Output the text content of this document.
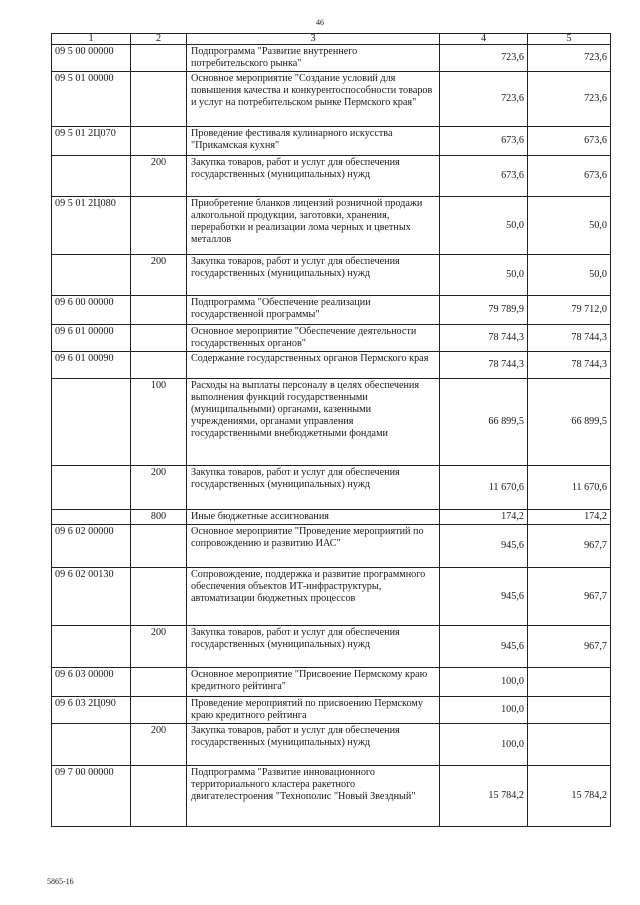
46
1	2	3	4	5
09 5 00 00000		Подпрограмма "Развитие внутреннего потребительского рынка"	723,6	723,6
09 5 01 00000		Основное мероприятие "Создание условий для повышения качества и конкурентоспособности товаров и услуг на потребительском рынке Пермского края"	723,6	723,6
09 5 01 2Ц070		Проведение фестиваля кулинарного искусства "Прикамская кухня"	673,6	673,6
	200	Закупка товаров, работ и услуг для обеспечения государственных (муниципальных) нужд	673,6	673,6
09 5 01 2Ц080		Приобретение бланков лицензий розничной продажи алкогольной продукции, заготовки, хранения, переработки и реализации лома черных и цветных металлов	50,0	50,0
	200	Закупка товаров, работ и услуг для обеспечения государственных (муниципальных) нужд	50,0	50,0
09 6 00 00000		Подпрограмма "Обеспечение реализации государственной программы"	79 789,9	79 712,0
09 6 01 00000		Основное мероприятие "Обеспечение деятельности государственных органов"	78 744,3	78 744,3
09 6 01 00090		Содержание государственных органов Пермского края	78 744,3	78 744,3
	100	Расходы на выплаты персоналу в целях обеспечения выполнения функций государственными (муниципальными) органами, казенными учреждениями, органами управления государственными внебюджетными фондами	66 899,5	66 899,5
	200	Закупка товаров, работ и услуг для обеспечения государственных (муниципальных) нужд	11 670,6	11 670,6
	800	Иные бюджетные ассигнования	174,2	174,2
09 6 02 00000		Основное мероприятие "Проведение мероприятий по сопровождению и развитию ИАС"	945,6	967,7
09 6 02 00130		Сопровождение, поддержка и развитие программного обеспечения объектов ИТ-инфраструктуры, автоматизации бюджетных процессов	945,6	967,7
	200	Закупка товаров, работ и услуг для обеспечения государственных (муниципальных) нужд	945,6	967,7
09 6 03 00000		Основное мероприятие "Присвоение Пермскому краю кредитного рейтинга"	100,0	
09 6 03 2Ц090		Проведение мероприятий по присвоению Пермскому краю кредитного рейтинга	100,0	
	200	Закупка товаров, работ и услуг для обеспечения государственных (муниципальных) нужд	100,0	
09 7 00 00000		Подпрограмма "Развитие инновационного территориального кластера ракетного двигателестроения "Технополис "Новый Звездный"	15 784,2	15 784,2
5865-16
